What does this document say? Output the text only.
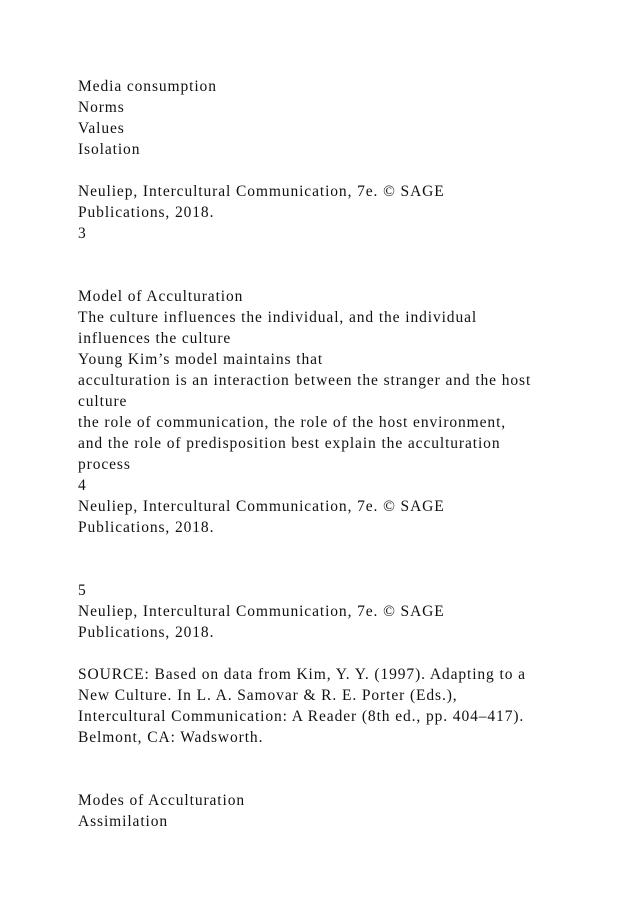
Media consumption
Norms
Values
Isolation
Neuliep, Intercultural Communication, 7e. © SAGE
Publications, 2018.
3
Model of Acculturation
The culture influences the individual, and the individual
influences the culture
Young Kim’s model maintains that
acculturation is an interaction between the stranger and the host
culture
the role of communication, the role of the host environment,
and the role of predisposition best explain the acculturation
process
4
Neuliep, Intercultural Communication, 7e. © SAGE
Publications, 2018.
5
Neuliep, Intercultural Communication, 7e. © SAGE
Publications, 2018.
SOURCE: Based on data from Kim, Y. Y. (1997). Adapting to a
New Culture. In L. A. Samovar & R. E. Porter (Eds.),
Intercultural Communication: A Reader (8th ed., pp. 404–417).
Belmont, CA: Wadsworth.
Modes of Acculturation
Assimilation
